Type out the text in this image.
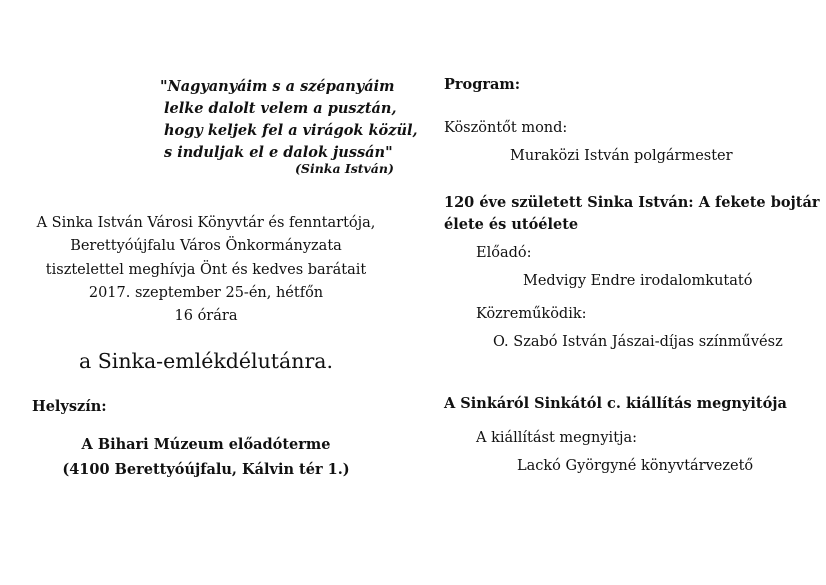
"Nagyanyáim s a szépanyáim
lelke dalolt velem a pusztán,
hogy keljek fel a virágok közül,
s induljak el e dalok jussán"
(Sinka István)
A Sinka István Városi Könyvtár és fenntartója,
Berettyóújfalu Város Önkormányzata
tisztelettel meghívja Önt és kedves barátait
2017. szeptember 25-én, hétfőn
16 órára
a Sinka-emlékdélutánra.
Helyszín:
A Bihari Múzeum előadóterme
(4100 Berettyóújfalu, Kálvin tér 1.)
Program:
Köszöntőt mond:
Muraközi István polgármester
120 éve született Sinka István: A fekete bojtár
élete és utóélete
Előadó:
Medvigy Endre irodalomkutató
Közreműködik:
O. Szabó István Jászai-díjas színművész
A Sinkáról Sinkától c. kiállítás megnyitója
A kiállítást megnyitja:
Lackó Györgyné könyvtárvezető
